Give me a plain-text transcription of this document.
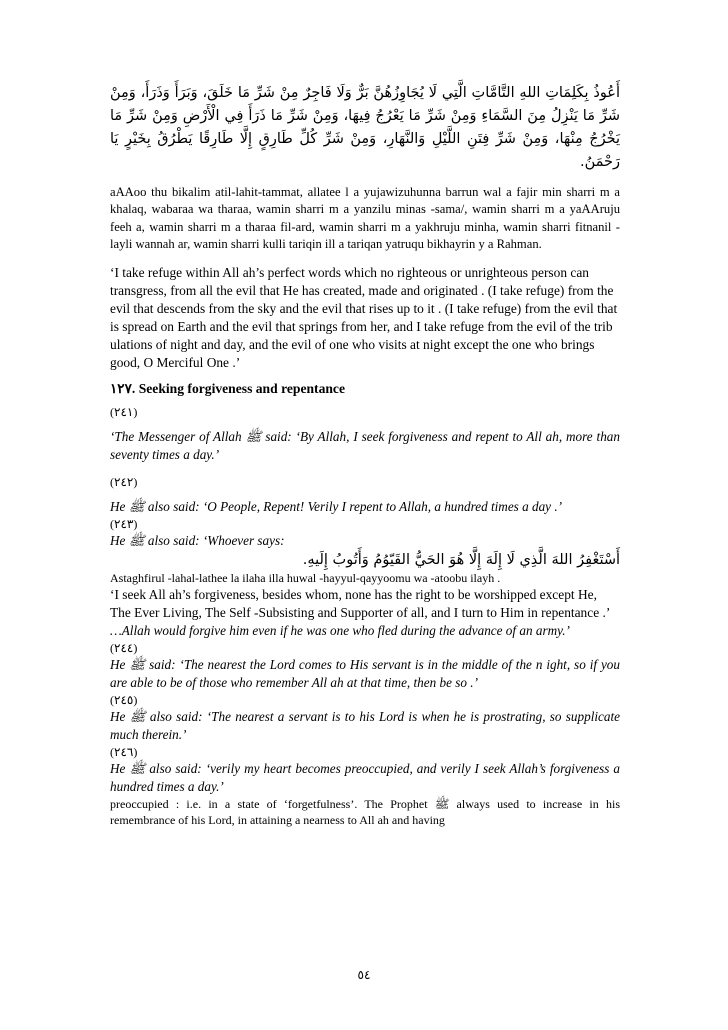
أَعُوذُ بِكَلِمَاتِ اللهِ التَّامَّاتِ الَّتِي لَا يُجَاوِزُهُنَّ بَرٌّ وَلَا فَاجِرٌ مِنْ شَرِّ مَا خَلَقَ، وَبَرَأَ وَذَرَأَ، وَمِنْ شَرِّ مَا يَنْزِلُ مِنَ السَّمَاءِ وَمِنْ شَرِّ مَا يَعْرُجُ فِيهَا، وَمِنْ شَرِّ مَا ذَرَأَ فِي الْأَرْضِ وَمِنْ شَرِّ مَا يَخْرُجُ مِنْهَا، وَمِنْ شَرِّ فِتَنِ اللَّيْلِ وَالنَّهَارِ، وَمِنْ شَرِّ كُلِّ طَارِقٍ إِلَّا طَارِقًا يَطْرُقُ بِخَيْرٍ يَا رَحْمَنُ.

aAAoo thu bikalim atil-lahit-tammat, allatee l a yujawizuhunna barrun wal a fajir min sharri m a khalaq, wabaraa wa tharaa, wamin sharri m a yanzilu minas -sama/, wamin sharri m a yaAAruju feeh a, wamin sharri m a tharaa fil-ard, wamin sharri m a yakhruju minha, wamin sharri fitnanil -layli wannah ar, wamin sharri kulli tariqin ill a tariqan yatruqu bikhayrin y a Rahman.

‘I take refuge within All ah’s perfect words which no righteous or unrighteous person can transgress, from all the evil that He has created, made and originated . (I take refuge) from the evil that descends from the sky and the evil that rises up to it . (I take refuge) from the evil that is spread on Earth and the evil that springs from her, and I take refuge from the evil of the trib ulations of night and day, and the evil of one who visits at night except the one who brings good, O Merciful One .’

١٢٧. Seeking forgiveness and repentance

(٢٤١)

‘The Messenger of Allah ﷺ said: ‘By Allah, I seek forgiveness and repent to All ah, more than seventy times a day.’

(٢٤٢)

He ﷺ also said: ‘O People, Repent! Verily I repent to Allah, a hundred times a day .’

(٢٤٣)

He ﷺ also said: ‘Whoever says:

أَسْتَغْفِرُ اللهَ الَّذِي لَا إِلَهَ إِلَّا هُوَ الحَيُّ القَيّوُمُ وَأَتُوبُ إِلَيهِ.

Astaghfirul -lahal-lathee la ilaha illa huwal -hayyul-qayyoomu wa -atoobu ilayh .

‘I seek All ah’s forgiveness, besides whom, none has the right to be worshipped except He, The Ever Living, The Self -Subsisting and Supporter of all, and I turn to Him in repentance .’

…Allah would forgive him even if he was one who fled during the advance of an army.’

(٢٤٤)

He ﷺ said: ‘The nearest the Lord comes to His servant is in the middle of the n ight, so if you are able to be of those who remember All ah at that time, then be so .’

(٢٤٥)

He ﷺ also said: ‘The nearest a servant is to his Lord is when he is prostrating, so supplicate much therein.’

(٢٤٦)

He ﷺ also said: ‘verily my heart becomes preoccupied, and verily I seek Allah’s forgiveness a hundred times a day.’

preoccupied : i.e. in a state of ‘forgetfulness’. The Prophet ﷺ always used to increase in his remembrance of his Lord, in attaining a nearness to All ah and having

٥٤
